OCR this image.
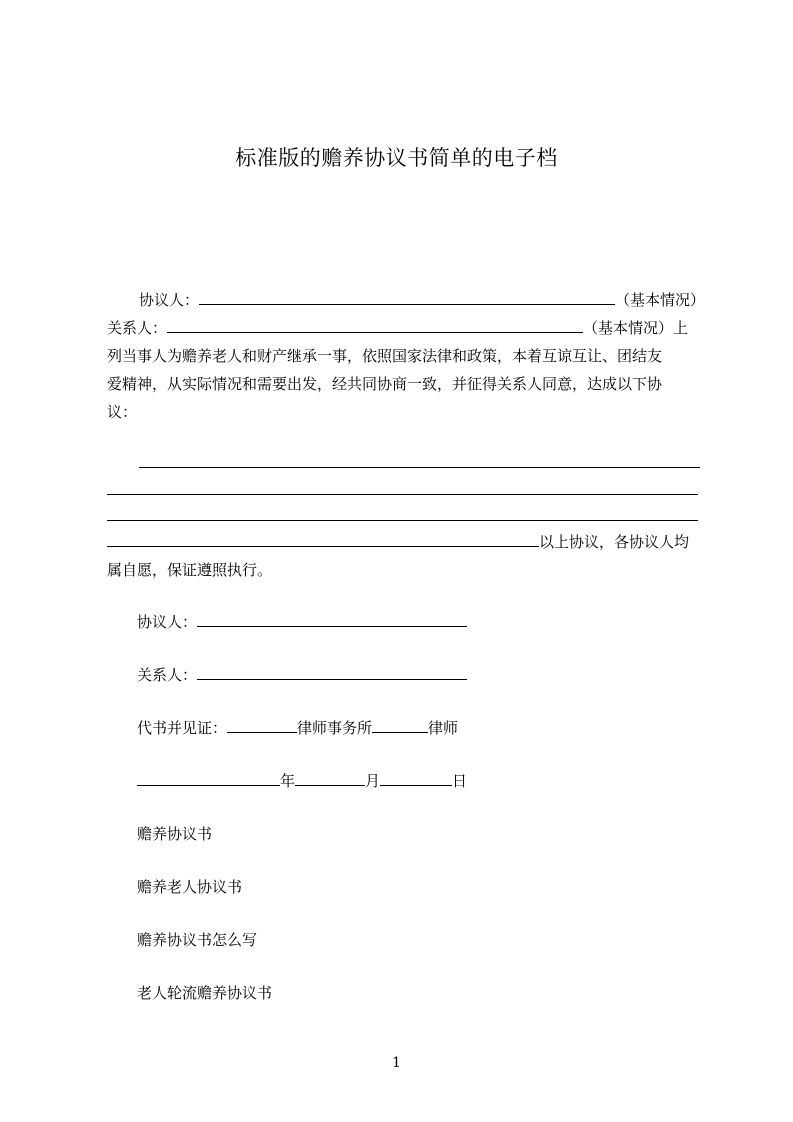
标准版的赡养协议书简单的电子档
协议人：	（基本情况）
关系人：	（基本情况）上
列当事人为赡养老人和财产继承一事，依照国家法律和政策，本着互谅互让、团结友
爱精神，从实际情况和需要出发，经共同协商一致，并征得关系人同意，达成以下协
议：
以上协议，各协议人均
属自愿，保证遵照执行。
协议人：
关系人：
代书并见证：	律师事务所	律师
年	月	日
赡养协议书
赡养老人协议书
赡养协议书怎么写
老人轮流赡养协议书
1
